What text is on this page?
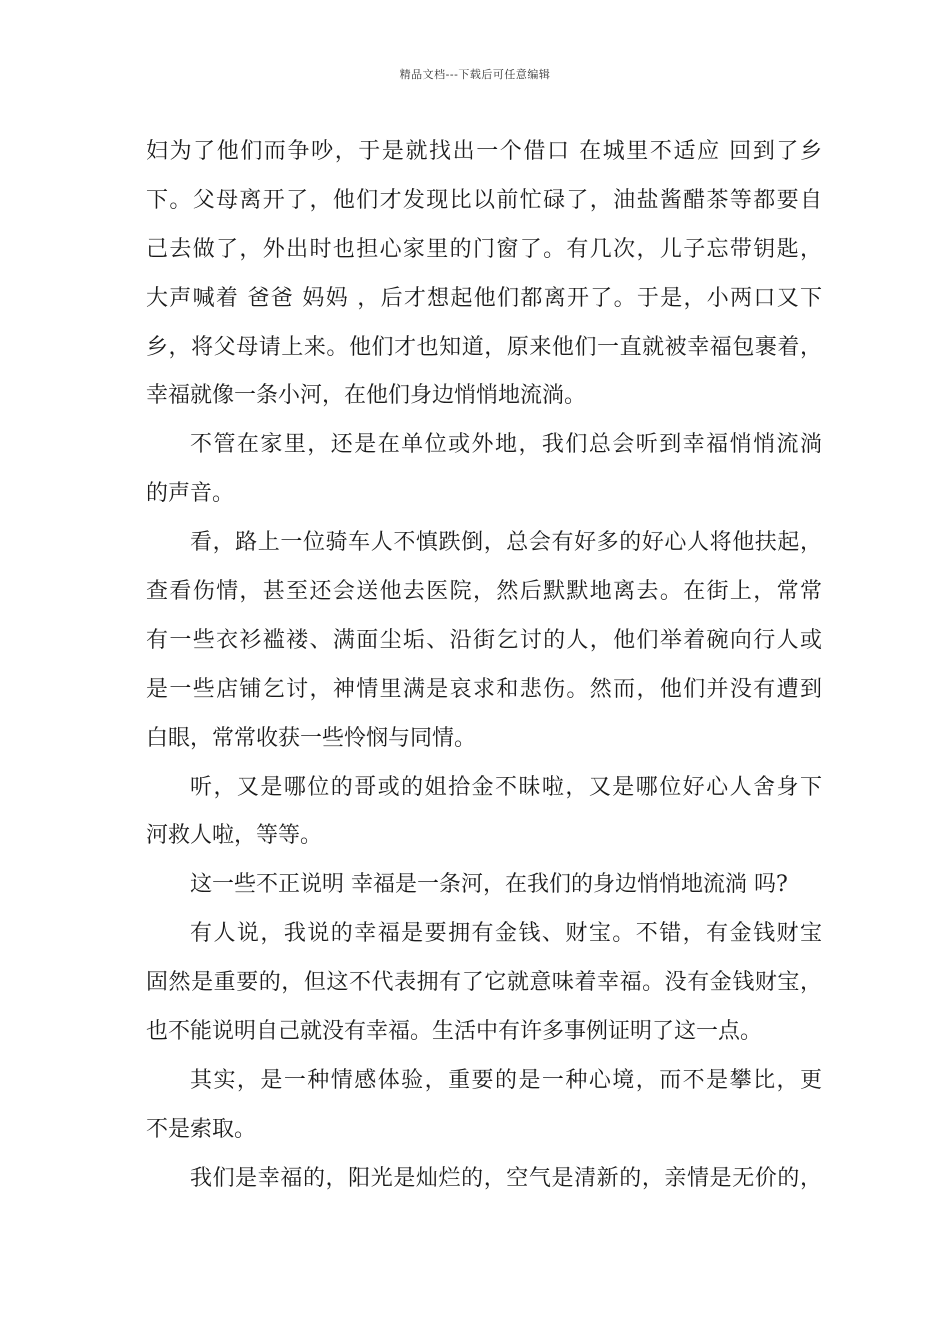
精品文档---下载后可任意编辑
妇为了他们而争吵，于是就找出一个借口 在城里不适应 回到了乡
下。父母离开了，他们才发现比以前忙碌了，油盐酱醋茶等都要自
己去做了，外出时也担心家里的门窗了。有几次，儿子忘带钥匙，
大声喊着 爸爸 妈妈 ，后才想起他们都离开了。于是，小两口又下
乡，将父母请上来。他们才也知道，原来他们一直就被幸福包裹着，
幸福就像一条小河，在他们身边悄悄地流淌。
不管在家里，还是在单位或外地，我们总会听到幸福悄悄流淌
的声音。
看，路上一位骑车人不慎跌倒，总会有好多的好心人将他扶起，
查看伤情，甚至还会送他去医院，然后默默地离去。在街上，常常
有一些衣衫褴褛、满面尘垢、沿街乞讨的人，他们举着碗向行人或
是一些店铺乞讨，神情里满是哀求和悲伤。然而，他们并没有遭到
白眼，常常收获一些怜悯与同情。
听，又是哪位的哥或的姐拾金不昧啦，又是哪位好心人舍身下
河救人啦，等等。
这一些不正说明 幸福是一条河，在我们的身边悄悄地流淌 吗?
有人说，我说的幸福是要拥有金钱、财宝。不错，有金钱财宝
固然是重要的，但这不代表拥有了它就意味着幸福。没有金钱财宝，
也不能说明自己就没有幸福。生活中有许多事例证明了这一点。
其实，是一种情感体验，重要的是一种心境，而不是攀比，更
不是索取。
我们是幸福的，阳光是灿烂的，空气是清新的，亲情是无价的，
